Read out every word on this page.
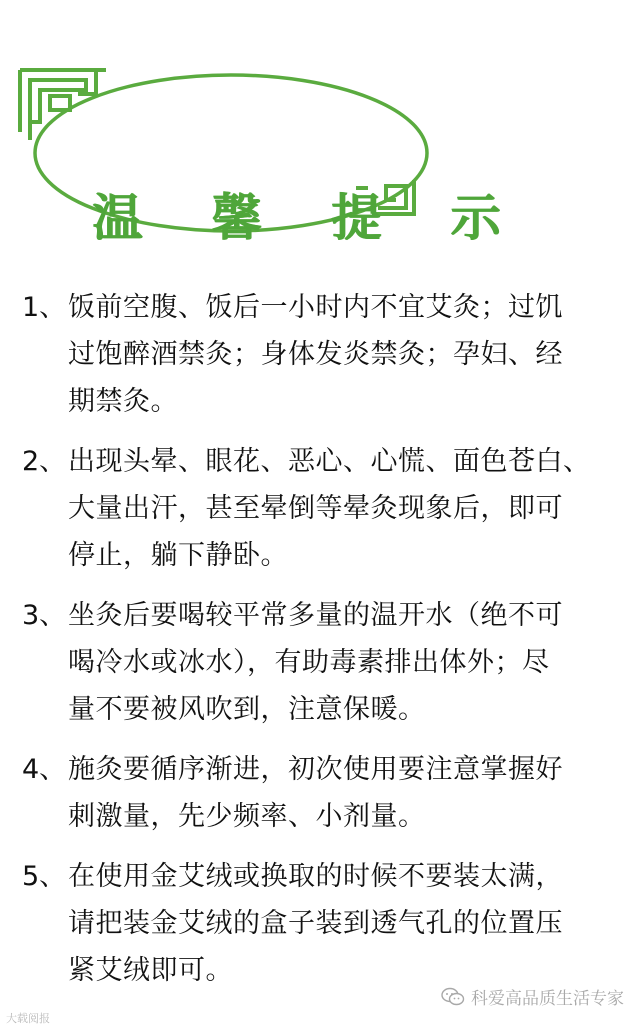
温 馨 提 示
1、 饭前空腹、饭后一小时内不宜艾灸；过饥
过饱醉酒禁灸；身体发炎禁灸；孕妇、经
期禁灸。
2、 出现头晕、眼花、恶心、心慌、面色苍白、
大量出汗，甚至晕倒等晕灸现象后，即可
停止，躺下静卧。
3、 坐灸后要喝较平常多量的温开水（绝不可
喝冷水或冰水），有助毒素排出体外；尽
量不要被风吹到，注意保暖。
4、 施灸要循序渐进，初次使用要注意掌握好
刺激量，先少频率、小剂量。
5、 在使用金艾绒或换取的时候不要装太满，
请把装金艾绒的盒子装到透气孔的位置压
紧艾绒即可。
大载阅报
科爱高品质生活专家
